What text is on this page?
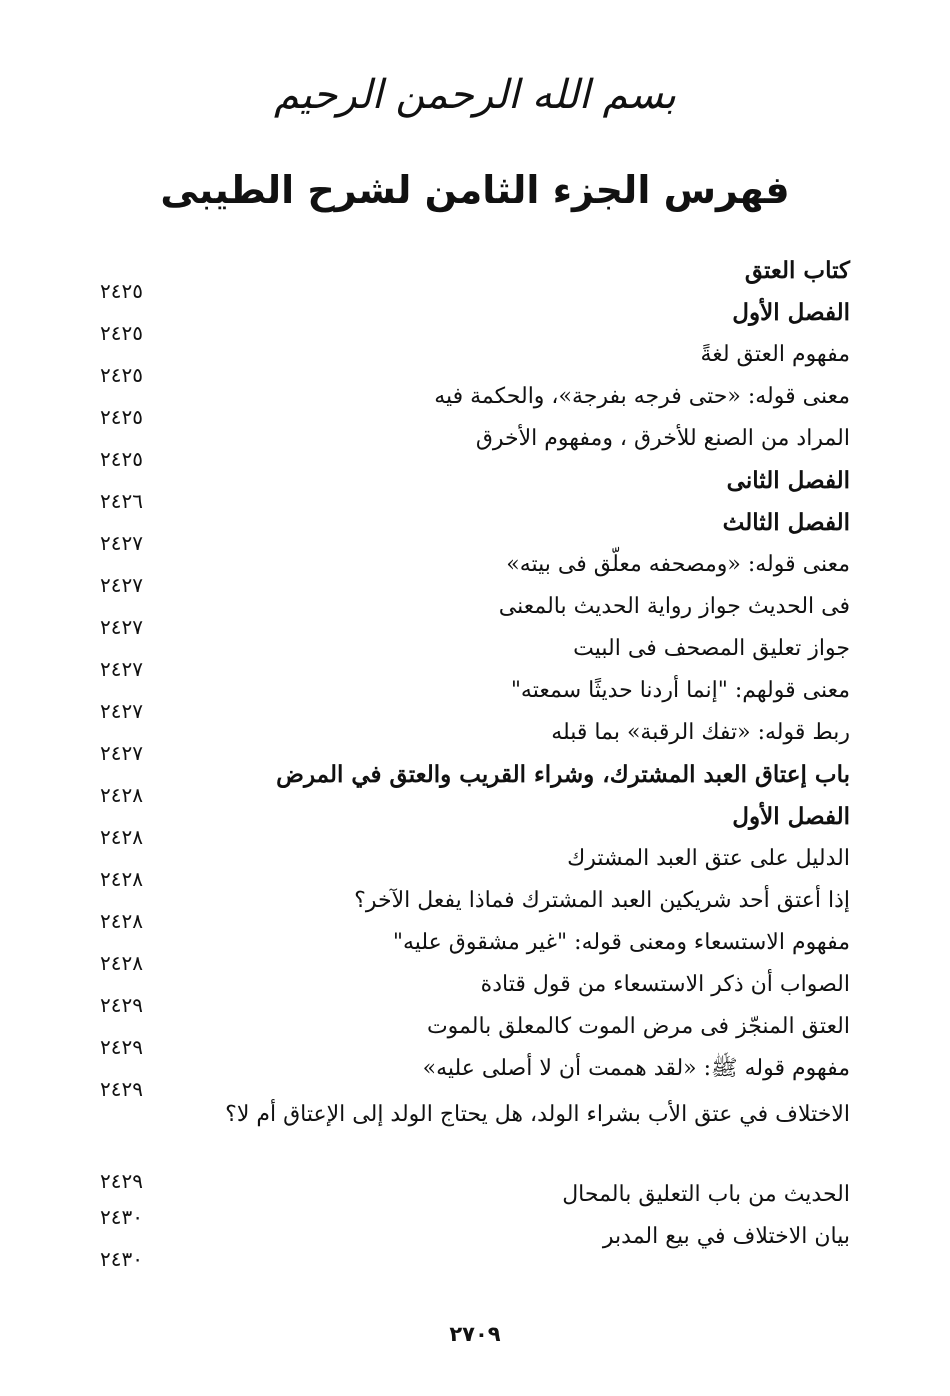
بسم الله الرحمن الرحيم
فهرس الجزء الثامن لشرح الطيبى
كتاب العتق
٢٤٢٥
الفصل الأول
٢٤٢٥
مفهوم العتق لغةً
٢٤٢٥
معنى قوله: «حتى فرجه بفرجة»، والحكمة فيه
٢٤٢٥
المراد من الصنع للأخرق ، ومفهوم الأخرق
٢٤٢٥
الفصل الثانى
٢٤٢٦
الفصل الثالث
٢٤٢٧
معنى قوله: «ومصحفه معلّق فى بيته»
٢٤٢٧
فى الحديث جواز رواية الحديث بالمعنى
٢٤٢٧
جواز تعليق المصحف فى البيت
٢٤٢٧
معنى قولهم: "إنما أردنا حديثًا سمعته"
٢٤٢٧
ربط قوله: «تفك الرقبة» بما قبله
٢٤٢٧
باب إعتاق العبد المشترك، وشراء القريب والعتق في المرض
٢٤٢٨
الفصل الأول
٢٤٢٨
الدليل على عتق العبد المشترك
٢٤٢٨
إذا أعتق أحد شريكين العبد المشترك فماذا يفعل الآخر؟
٢٤٢٨
مفهوم الاستسعاء ومعنى قوله: "غير مشقوق عليه"
٢٤٢٨
الصواب أن ذكر الاستسعاء من قول قتادة
٢٤٢٩
العتق المنجّز فى مرض الموت كالمعلق بالموت
٢٤٢٩
مفهوم قوله ﷺ: «لقد هممت أن لا أصلى عليه»
٢٤٢٩
الاختلاف في عتق الأب بشراء الولد، هل يحتاج الولد إلى الإعتاق أم لا؟
٢٤٢٩
الحديث من باب التعليق بالمحال
٢٤٣٠
بيان الاختلاف في بيع المدبر
٢٤٣٠
٢٧٠٩
